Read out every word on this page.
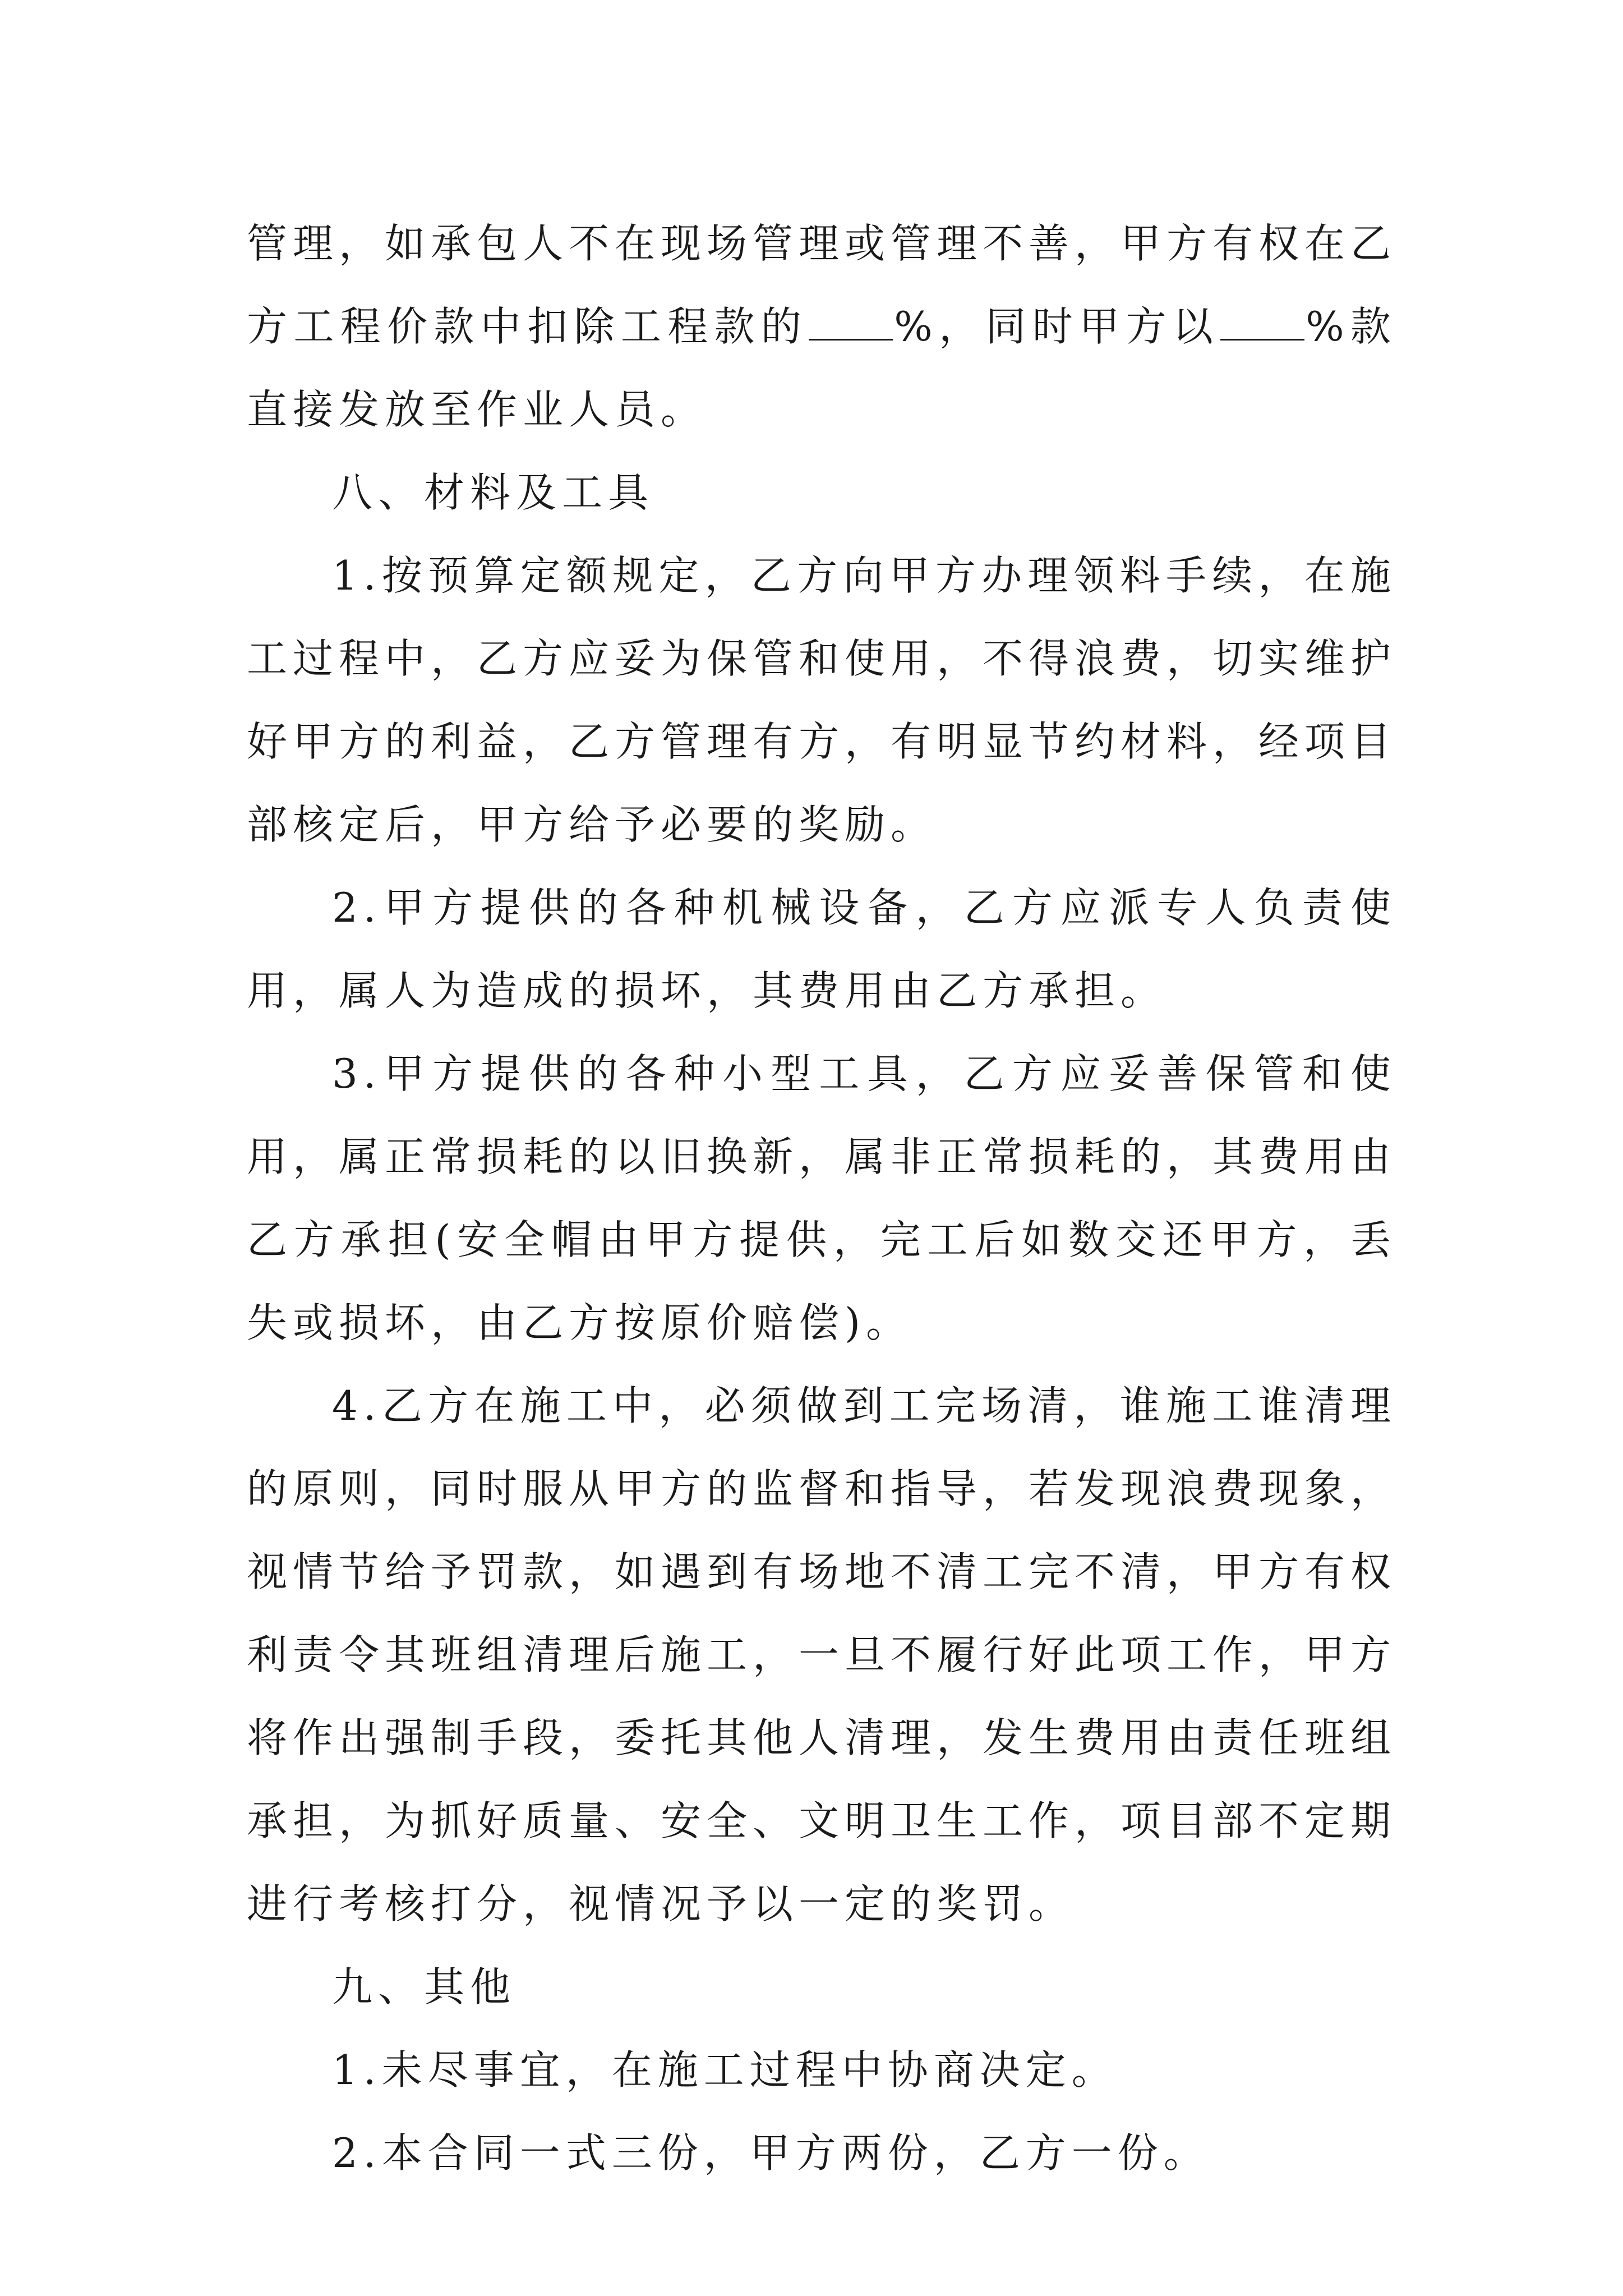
管理，如承包人不在现场管理或管理不善，甲方有权在乙方工程价款中扣除工程款的 %，同时甲方以 %款直接发放至作业人员。

八、材料及工具

1.按预算定额规定，乙方向甲方办理领料手续，在施工过程中，乙方应妥为保管和使用，不得浪费，切实维护好甲方的利益，乙方管理有方，有明显节约材料，经项目部核定后，甲方给予必要的奖励。

2.甲方提供的各种机械设备，乙方应派专人负责使用，属人为造成的损坏，其费用由乙方承担。

3.甲方提供的各种小型工具，乙方应妥善保管和使用，属正常损耗的以旧换新，属非正常损耗的，其费用由乙方承担(安全帽由甲方提供，完工后如数交还甲方，丢失或损坏，由乙方按原价赔偿)。

4.乙方在施工中，必须做到工完场清，谁施工谁清理的原则，同时服从甲方的监督和指导，若发现浪费现象，视情节给予罚款，如遇到有场地不清工完不清，甲方有权利责令其班组清理后施工，一旦不履行好此项工作，甲方将作出强制手段，委托其他人清理，发生费用由责任班组承担，为抓好质量、安全、文明卫生工作，项目部不定期进行考核打分，视情况予以一定的奖罚。

九、其他

1.未尽事宜，在施工过程中协商决定。

2.本合同一式三份，甲方两份，乙方一份。
